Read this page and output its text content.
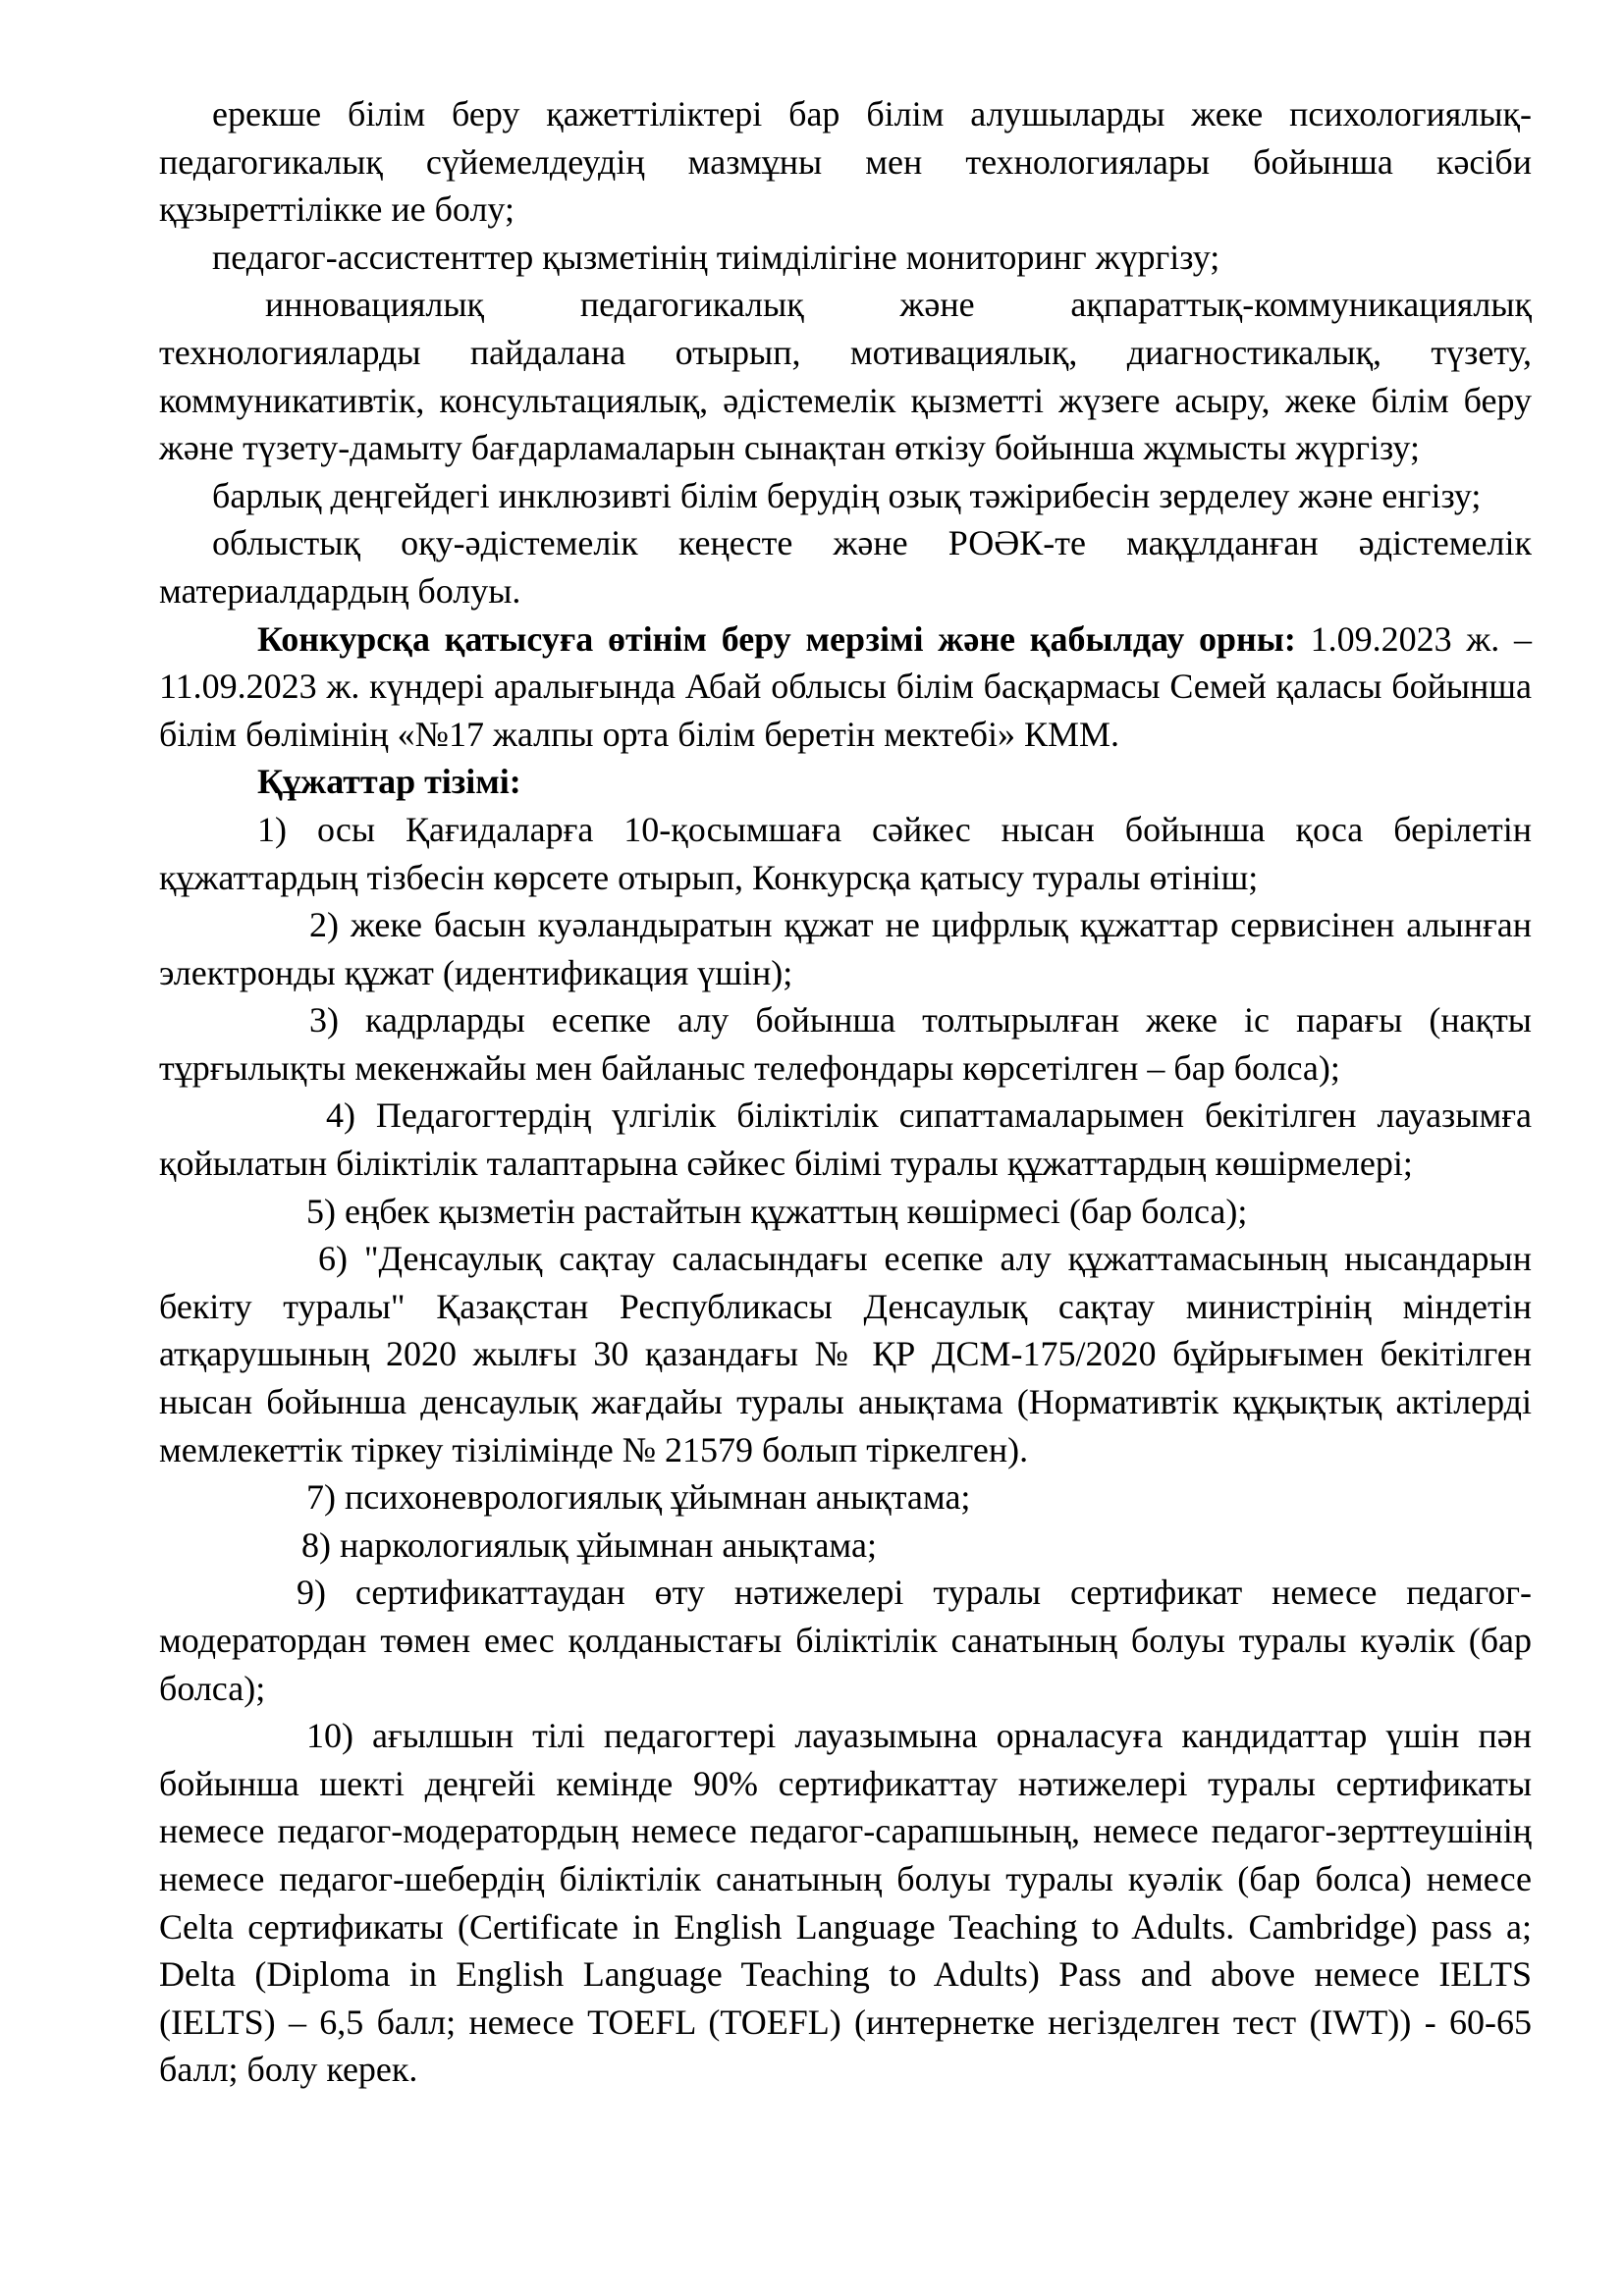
ерекше білім беру қажеттіліктері бар білім алушыларды жеке психологиялық-педагогикалық сүйемелдеудің мазмұны мен технологиялары бойынша кәсіби құзыреттілікке ие болу;

педагог-ассистенттер қызметінің тиімділігіне мониторинг жүргізу;

инновациялық педагогикалық және ақпараттық-коммуникациялық технологияларды пайдалана отырып, мотивациялық, диагностикалық, түзету, коммуникативтік, консультациялық, әдістемелік қызметті жүзеге асыру, жеке білім беру және түзету-дамыту бағдарламаларын сынақтан өткізу бойынша жұмысты жүргізу;

барлық деңгейдегі инклюзивті білім берудің озық тәжірибесін зерделеу және енгізу;

облыстық оқу-әдістемелік кеңесте және РОӘК-те мақұлданған әдістемелік материалдардың болуы.

Конкурсқа қатысуға өтінім беру мерзімі және қабылдау орны: 1.09.2023 ж. – 11.09.2023 ж. күндері аралығында Абай облысы білім басқармасы Семей қаласы бойынша білім бөлімінің «№17 жалпы орта білім беретін мектебі» КММ.

Құжаттар тізімі:

1) осы Қағидаларға 10-қосымшаға сәйкес нысан бойынша қоса берілетін құжаттардың тізбесін көрсете отырып, Конкурсқа қатысу туралы өтініш;

2) жеке басын куәландыратын құжат не цифрлық құжаттар сервисінен алынған электронды құжат (идентификация үшін);

3) кадрларды есепке алу бойынша толтырылған жеке іс парағы (нақты тұрғылықты мекенжайы мен байланыс телефондары көрсетілген – бар болса);

4) Педагогтердің үлгілік біліктілік сипаттамаларымен бекітілген лауазымға қойылатын біліктілік талаптарына сәйкес білімі туралы құжаттардың көшірмелері;

5) еңбек қызметін растайтын құжаттың көшірмесі (бар болса);

6) "Денсаулық сақтау саласындағы есепке алу құжаттамасының нысандарын бекіту туралы" Қазақстан Республикасы Денсаулық сақтау министрінің міндетін атқарушының 2020 жылғы 30 қазандағы № ҚР ДСМ-175/2020 бұйрығымен бекітілген нысан бойынша денсаулық жағдайы туралы анықтама (Нормативтік құқықтық актілерді мемлекеттік тіркеу тізілімінде № 21579 болып тіркелген).

7) психоневрологиялық ұйымнан анықтама;

8) наркологиялық ұйымнан анықтама;

9) сертификаттаудан өту нәтижелері туралы сертификат немесе педагог-модератордан төмен емес қолданыстағы біліктілік санатының болуы туралы куәлік (бар болса);

10) ағылшын тілі педагогтері лауазымына орналасуға кандидаттар үшін пән бойынша шекті деңгейі кемінде 90% сертификаттау нәтижелері туралы сертификаты немесе педагог-модератордың немесе педагог-сарапшының, немесе педагог-зерттеушінің немесе педагог-шебердің біліктілік санатының болуы туралы куәлік (бар болса) немесе Celta сертификаты (Certificate in English Language Teaching to Adults. Cambridge) pass a; Delta (Diploma in English Language Teaching to Adults) Pass and above немесе IELTS (IELTS) – 6,5 балл; немесе TOEFL (TOEFL) (интернетке негізделген тест (IWT)) - 60-65 балл; болу керек.
